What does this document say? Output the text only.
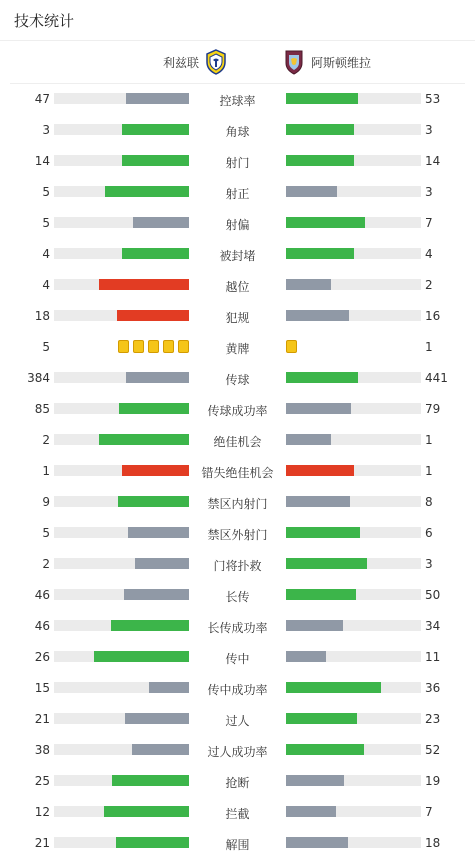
技术统计
利兹联	阿斯顿维拉
47	控球率	53
3	角球	3
14	射门	14
5	射正	3
5	射偏	7
4	被封堵	4
4	越位	2
18	犯规	16
5	黄牌	1
384	传球	441
85	传球成功率	79
2	绝佳机会	1
1	错失绝佳机会	1
9	禁区内射门	8
5	禁区外射门	6
2	门将扑救	3
46	长传	50
46	长传成功率	34
26	传中	11
15	传中成功率	36
21	过人	23
38	过人成功率	52
25	抢断	19
12	拦截	7
21	解围	18
